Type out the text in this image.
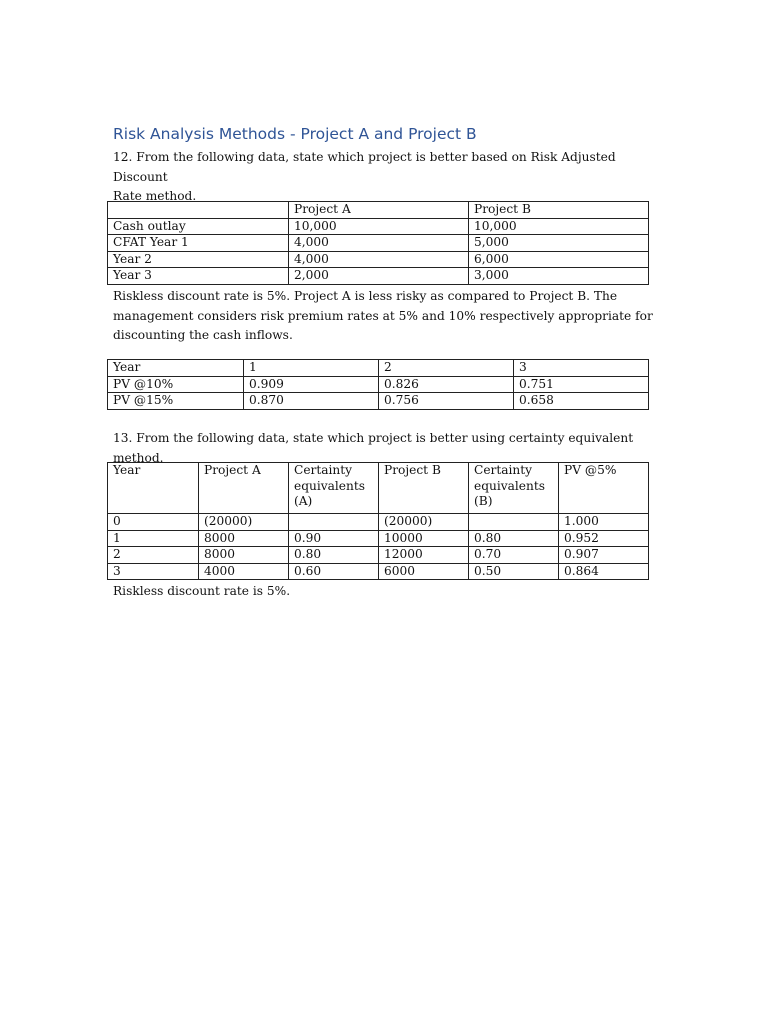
Risk Analysis Methods - Project A and Project B
12. From the following data, state which project is better based on Risk Adjusted Discount
Rate method.
	Project A	Project B
Cash outlay	10,000	10,000
CFAT Year 1	4,000	5,000
Year 2	4,000	6,000
Year 3	2,000	3,000
Riskless discount rate is 5%. Project A is less risky as compared to Project B. The
management considers risk premium rates at 5% and 10% respectively appropriate for
discounting the cash inflows.
Year	1	2	3
PV @10%	0.909	0.826	0.751
PV @15%	0.870	0.756	0.658
13. From the following data, state which project is better using certainty equivalent method.
Year	Project A	Certainty
equivalents
(A)	Project B	Certainty
equivalents
(B)	PV @5%
0	(20000)		(20000)		1.000
1	8000	0.90	10000	0.80	0.952
2	8000	0.80	12000	0.70	0.907
3	4000	0.60	6000	0.50	0.864
Riskless discount rate is 5%.
